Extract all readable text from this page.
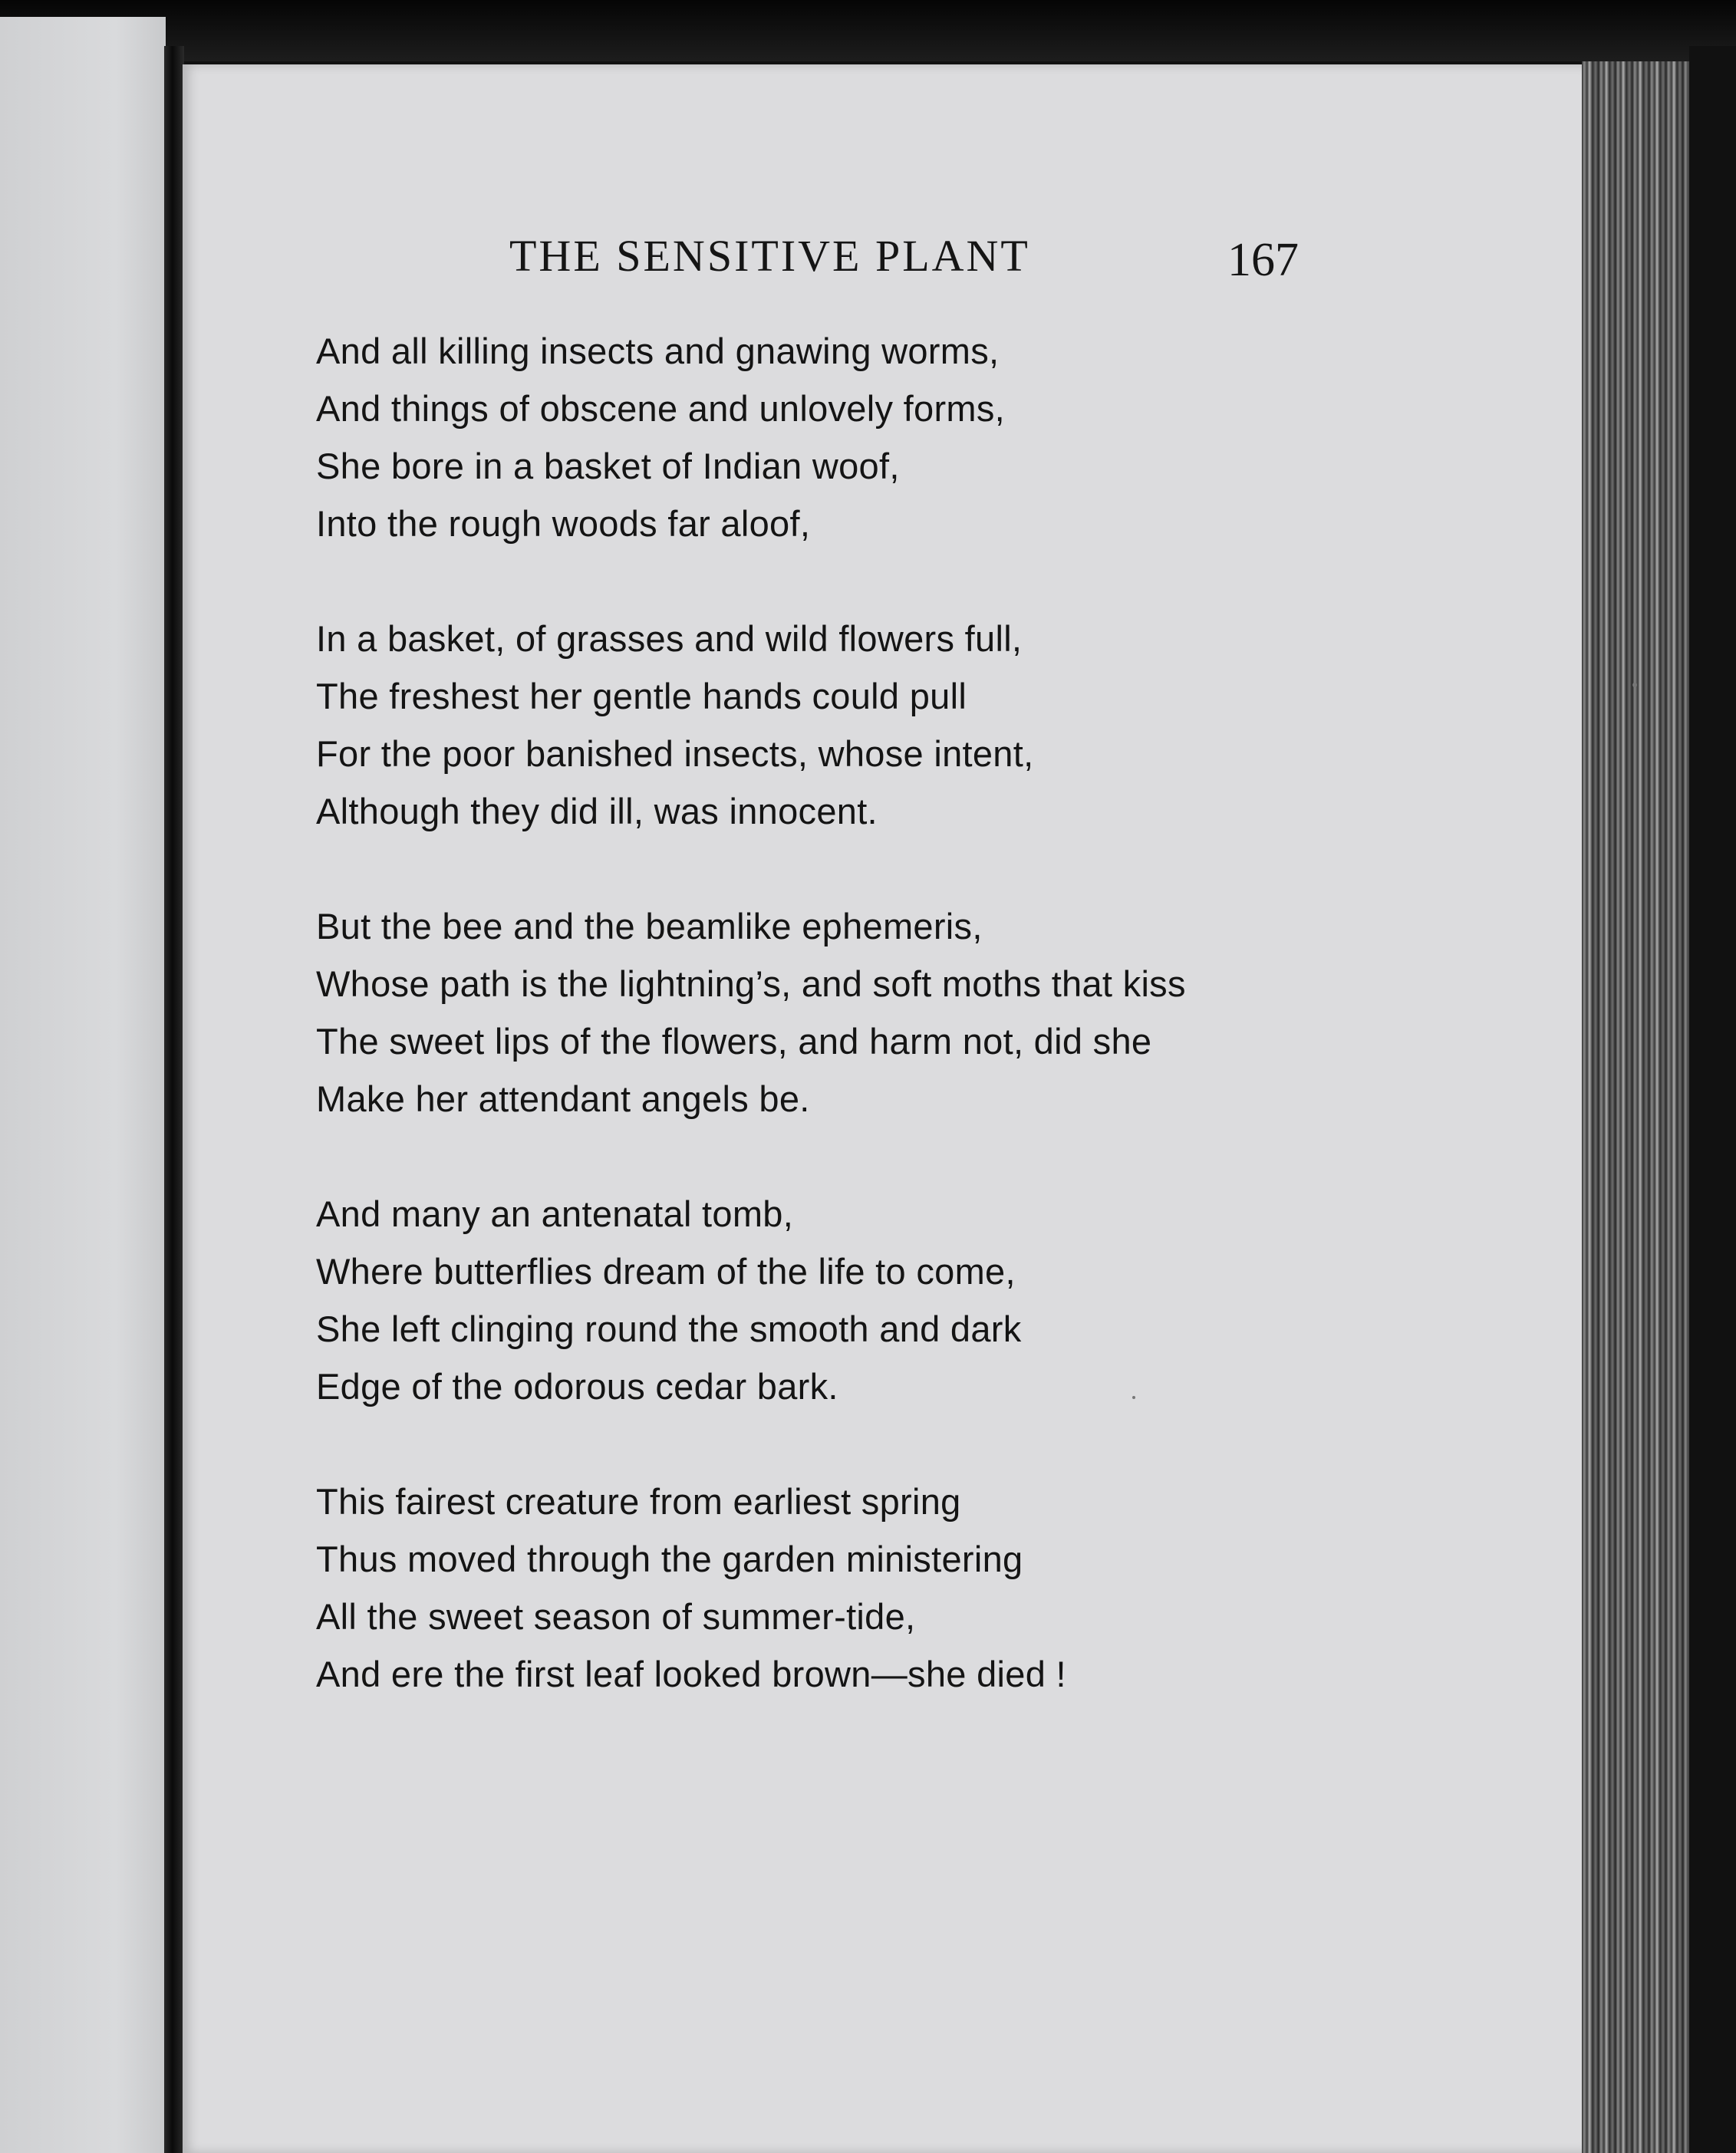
THE SENSITIVE PLANT	167
And all killing insects and gnawing worms,
And things of obscene and unlovely forms,
She bore in a basket of Indian woof,
Into the rough woods far aloof,
In a basket, of grasses and wild flowers full,
The freshest her gentle hands could pull
For the poor banished insects, whose intent,
Although they did ill, was innocent.
But the bee and the beamlike ephemeris,
Whose path is the lightning’s, and soft moths that kiss
The sweet lips of the flowers, and harm not, did she
Make her attendant angels be.
And many an antenatal tomb,
Where butterflies dream of the life to come,
She left clinging round the smooth and dark
Edge of the odorous cedar bark.
This fairest creature from earliest spring
Thus moved through the garden ministering
All the sweet season of summer-tide,
And ere the first leaf looked brown—she died !
